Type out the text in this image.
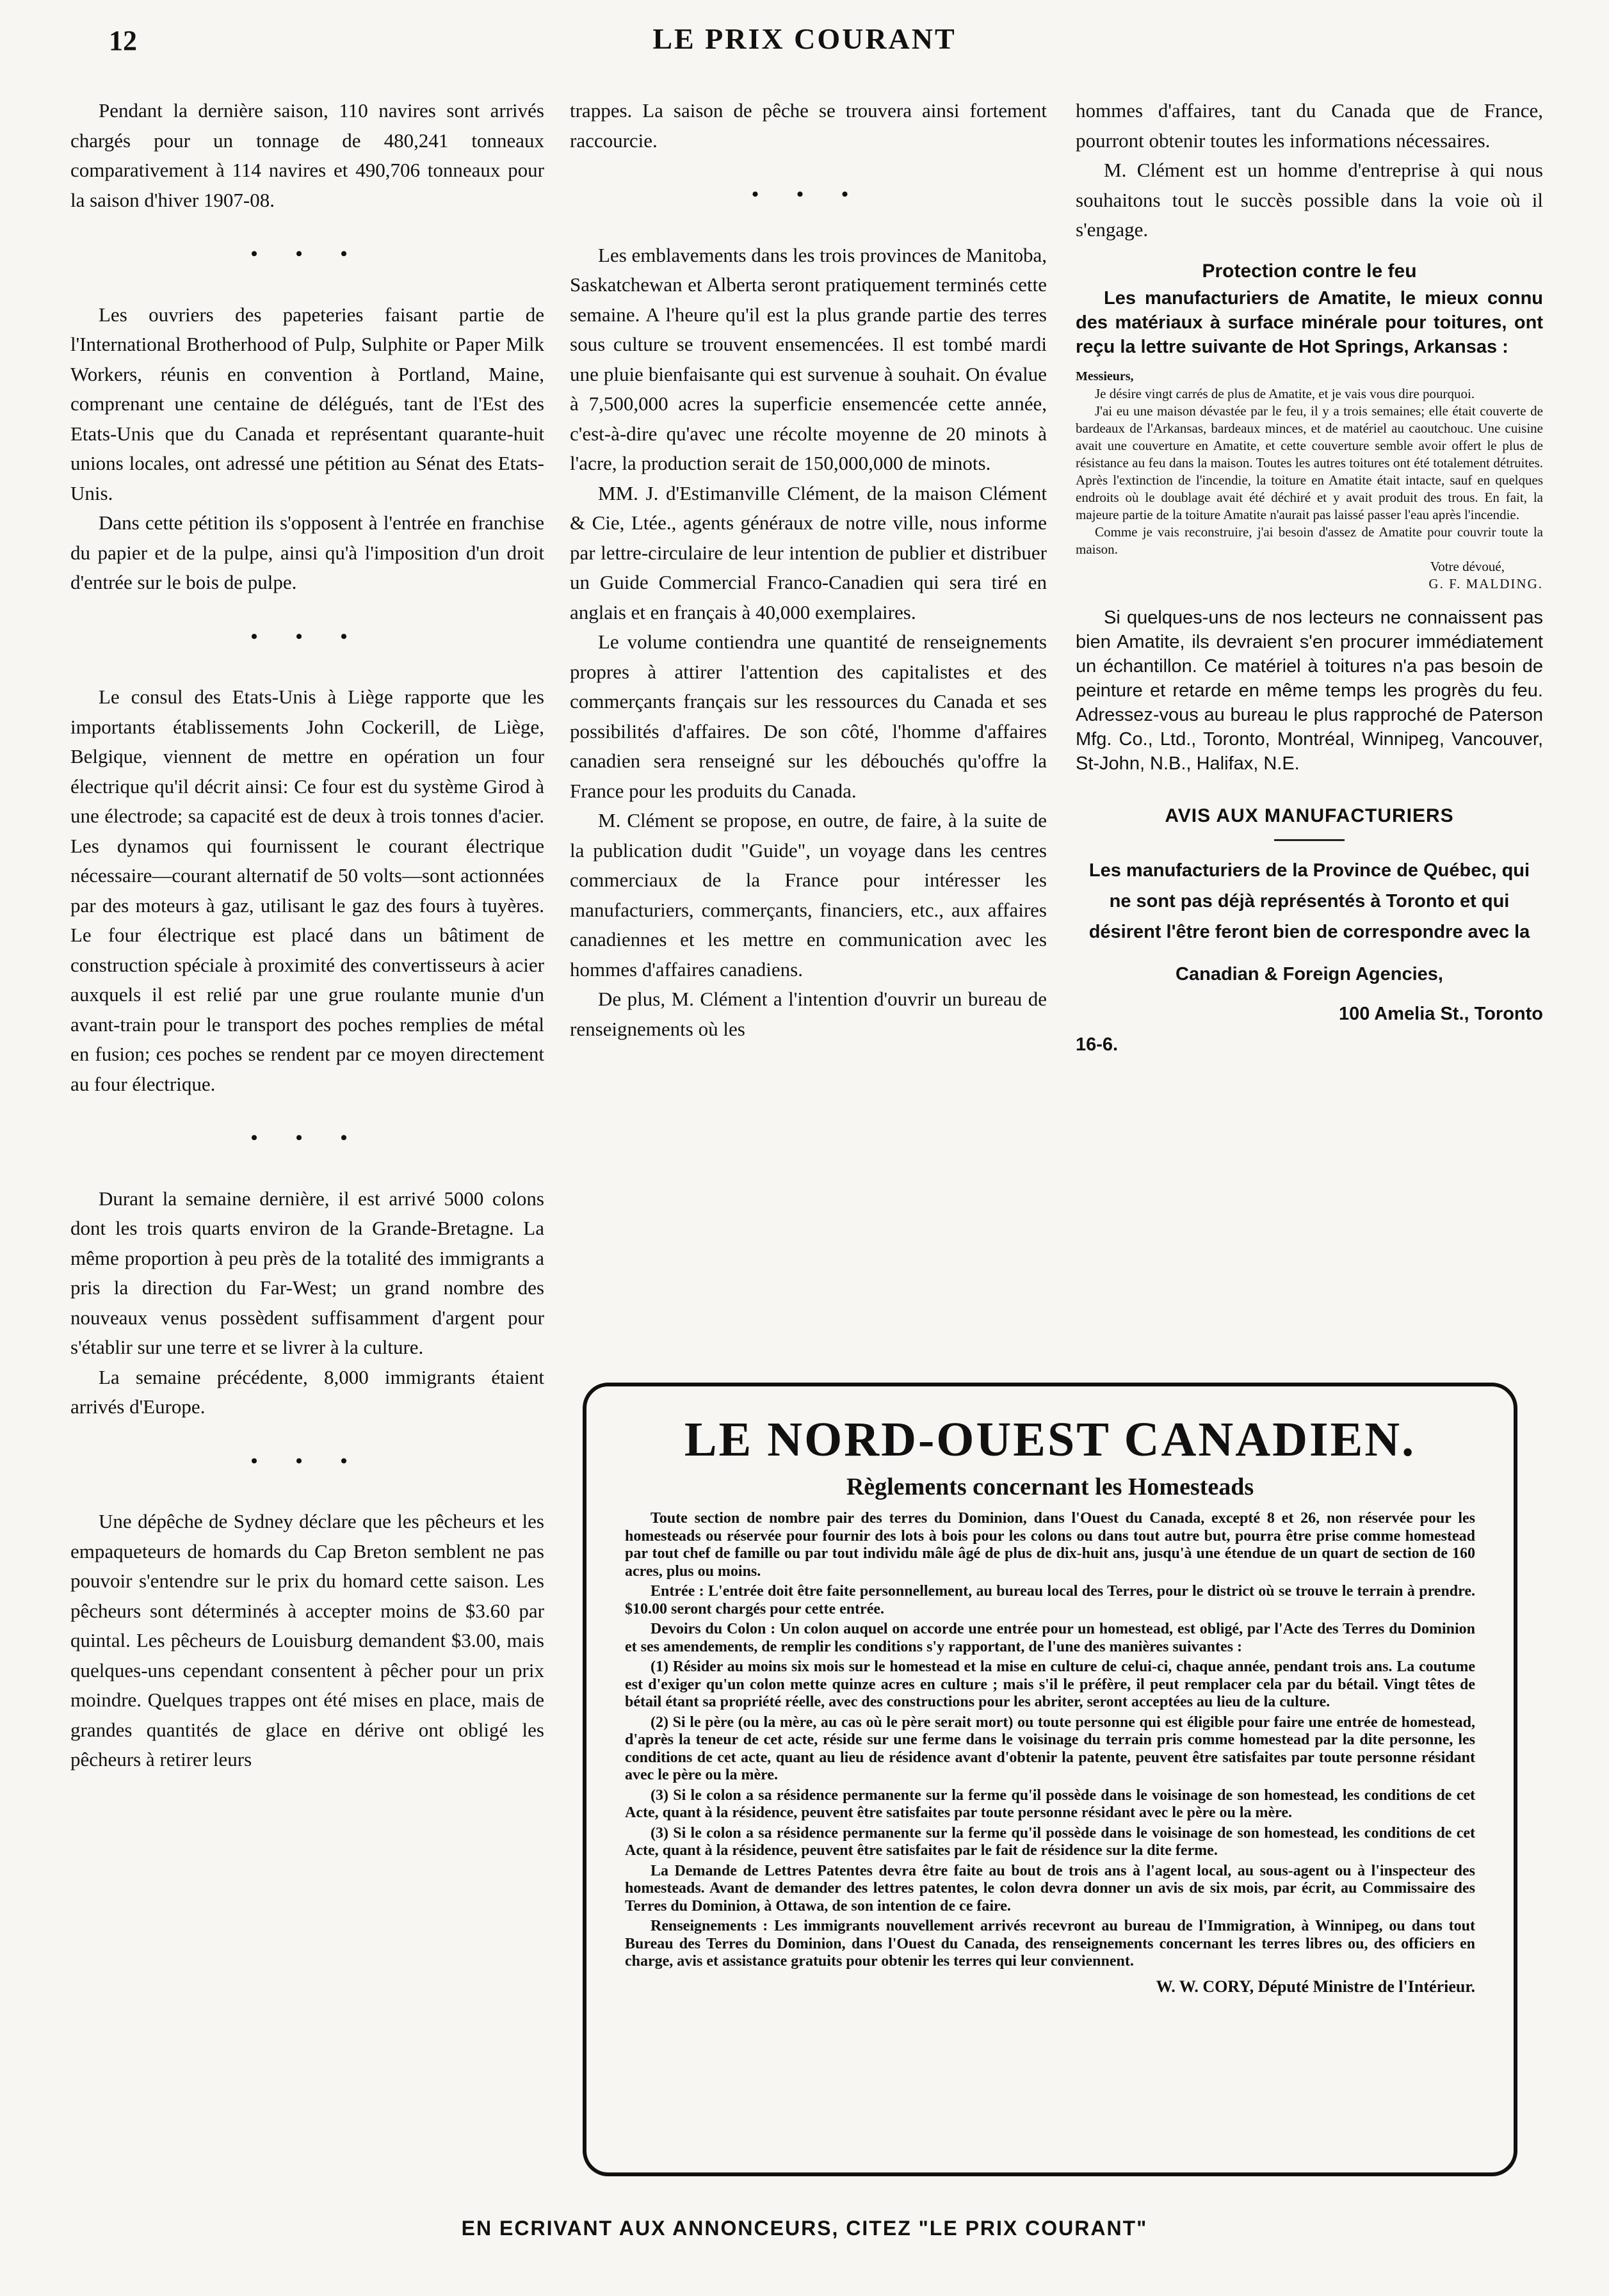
12	LE PRIX COURANT

Pendant la dernière saison, 110 navires sont arrivés chargés pour un tonnage de 480,241 tonneaux comparativement à 114 navires et 490,706 tonneaux pour la saison d'hiver 1907-08.

• • •

Les ouvriers des papeteries faisant partie de l'International Brotherhood of Pulp, Sulphite or Paper Milk Workers, réunis en convention à Portland, Maine, comprenant une centaine de délégués, tant de l'Est des Etats-Unis que du Canada et représentant quarante-huit unions locales, ont adressé une pétition au Sénat des Etats-Unis.

Dans cette pétition ils s'opposent à l'entrée en franchise du papier et de la pulpe, ainsi qu'à l'imposition d'un droit d'entrée sur le bois de pulpe.

• • •

Le consul des Etats-Unis à Liège rapporte que les importants établissements John Cockerill, de Liège, Belgique, viennent de mettre en opération un four électrique qu'il décrit ainsi: Ce four est du système Girod à une électrode; sa capacité est de deux à trois tonnes d'acier. Les dynamos qui fournissent le courant électrique nécessaire—courant alternatif de 50 volts—sont actionnées par des moteurs à gaz, utilisant le gaz des fours à tuyères. Le four électrique est placé dans un bâtiment de construction spéciale à proximité des convertisseurs à acier auxquels il est relié par une grue roulante munie d'un avant-train pour le transport des poches remplies de métal en fusion; ces poches se rendent par ce moyen directement au four électrique.

• • •

Durant la semaine dernière, il est arrivé 5000 colons dont les trois quarts environ de la Grande-Bretagne. La même proportion à peu près de la totalité des immigrants a pris la direction du Far-West; un grand nombre des nouveaux venus possèdent suffisamment d'argent pour s'établir sur une terre et se livrer à la culture.

La semaine précédente, 8,000 immigrants étaient arrivés d'Europe.

• • •

Une dépêche de Sydney déclare que les pêcheurs et les empaqueteurs de homards du Cap Breton semblent ne pas pouvoir s'entendre sur le prix du homard cette saison. Les pêcheurs sont déterminés à accepter moins de $3.60 par quintal. Les pêcheurs de Louisburg demandent $3.00, mais quelques-uns cependant consentent à pêcher pour un prix moindre. Quelques trappes ont été mises en place, mais de grandes quantités de glace en dérive ont obligé les pêcheurs à retirer leurs

trappes. La saison de pêche se trouvera ainsi fortement raccourcie.

• • •

Les emblavements dans les trois provinces de Manitoba, Saskatchewan et Alberta seront pratiquement terminés cette semaine. A l'heure qu'il est la plus grande partie des terres sous culture se trouvent ensemencées. Il est tombé mardi une pluie bienfaisante qui est survenue à souhait. On évalue à 7,500,000 acres la superficie ensemencée cette année, c'est-à-dire qu'avec une récolte moyenne de 20 minots à l'acre, la production serait de 150,000,000 de minots.

MM. J. d'Estimanville Clément, de la maison Clément & Cie, Ltée., agents généraux de notre ville, nous informe par lettre-circulaire de leur intention de publier et distribuer un Guide Commercial Franco-Canadien qui sera tiré en anglais et en français à 40,000 exemplaires.

Le volume contiendra une quantité de renseignements propres à attirer l'attention des capitalistes et des commerçants français sur les ressources du Canada et ses possibilités d'affaires. De son côté, l'homme d'affaires canadien sera renseigné sur les débouchés qu'offre la France pour les produits du Canada.

M. Clément se propose, en outre, de faire, à la suite de la publication dudit "Guide", un voyage dans les centres commerciaux de la France pour intéresser les manufacturiers, commerçants, financiers, etc., aux affaires canadiennes et les mettre en communication avec les hommes d'affaires canadiens.

De plus, M. Clément a l'intention d'ouvrir un bureau de renseignements où les

hommes d'affaires, tant du Canada que de France, pourront obtenir toutes les informations nécessaires.

M. Clément est un homme d'entreprise à qui nous souhaitons tout le succès possible dans la voie où il s'engage.

Protection contre le feu

Les manufacturiers de Amatite, le mieux connu des matériaux à surface minérale pour toitures, ont reçu la lettre suivante de Hot Springs, Arkansas :

Messieurs,

Je désire vingt carrés de plus de Amatite, et je vais vous dire pourquoi.

J'ai eu une maison dévastée par le feu, il y a trois semaines; elle était couverte de bardeaux de l'Arkansas, bardeaux minces, et de matériel au caoutchouc. Une cuisine avait une couverture en Amatite, et cette couverture semble avoir offert le plus de résistance au feu dans la maison. Toutes les autres toitures ont été totalement détruites. Après l'extinction de l'incendie, la toiture en Amatite était intacte, sauf en quelques endroits où le doublage avait été déchiré et y avait produit des trous. En fait, la majeure partie de la toiture Amatite n'aurait pas laissé passer l'eau après l'incendie.

Comme je vais reconstruire, j'ai besoin d'assez de Amatite pour couvrir toute la maison.

Votre dévoué,

G. F. MALDING.

Si quelques-uns de nos lecteurs ne connaissent pas bien Amatite, ils devraient s'en procurer immédiatement un échantillon. Ce matériel à toitures n'a pas besoin de peinture et retarde en même temps les progrès du feu. Adressez-vous au bureau le plus rapproché de Paterson Mfg. Co., Ltd., Toronto, Montréal, Winnipeg, Vancouver, St-John, N.B., Halifax, N.E.

AVIS AUX MANUFACTURIERS

Les manufacturiers de la Province de Québec, qui ne sont pas déjà représentés à Toronto et qui désirent l'être feront bien de correspondre avec la

Canadian & Foreign Agencies,

100 Amelia St., Toronto

16-6.

LE NORD-OUEST CANADIEN.
Règlements concernant les Homesteads

Toute section de nombre pair des terres du Dominion, dans l'Ouest du Canada, excepté 8 et 26, non réservée pour les homesteads ou réservée pour fournir des lots à bois pour les colons ou dans tout autre but, pourra être prise comme homestead par tout chef de famille ou par tout individu mâle âgé de plus de dix-huit ans, jusqu'à une étendue de un quart de section de 160 acres, plus ou moins.

Entrée : L'entrée doit être faite personnellement, au bureau local des Terres, pour le district où se trouve le terrain à prendre. $10.00 seront chargés pour cette entrée.

Devoirs du Colon : Un colon auquel on accorde une entrée pour un homestead, est obligé, par l'Acte des Terres du Dominion et ses amendements, de remplir les conditions s'y rapportant, de l'une des manières suivantes :

(1) Résider au moins six mois sur le homestead et la mise en culture de celui-ci, chaque année, pendant trois ans. La coutume est d'exiger qu'un colon mette quinze acres en culture ; mais s'il le préfère, il peut remplacer cela par du bétail. Vingt têtes de bétail étant sa propriété réelle, avec des constructions pour les abriter, seront acceptées au lieu de la culture.

(2) Si le père (ou la mère, au cas où le père serait mort) ou toute personne qui est éligible pour faire une entrée de homestead, d'après la teneur de cet acte, réside sur une ferme dans le voisinage du terrain pris comme homestead par la dite personne, les conditions de cet acte, quant au lieu de résidence avant d'obtenir la patente, peuvent être satisfaites par toute personne résidant avec le père ou la mère.

(3) Si le colon a sa résidence permanente sur la ferme qu'il possède dans le voisinage de son homestead, les conditions de cet Acte, quant à la résidence, peuvent être satisfaites par toute personne résidant avec le père ou la mère.

(3) Si le colon a sa résidence permanente sur la ferme qu'il possède dans le voisinage de son homestead, les conditions de cet Acte, quant à la résidence, peuvent être satisfaites par le fait de résidence sur la dite ferme.

La Demande de Lettres Patentes devra être faite au bout de trois ans à l'agent local, au sous-agent ou à l'inspecteur des homesteads. Avant de demander des lettres patentes, le colon devra donner un avis de six mois, par écrit, au Commissaire des Terres du Dominion, à Ottawa, de son intention de ce faire.

Renseignements : Les immigrants nouvellement arrivés recevront au bureau de l'Immigration, à Winnipeg, ou dans tout Bureau des Terres du Dominion, dans l'Ouest du Canada, des renseignements concernant les terres libres ou, des officiers en charge, avis et assistance gratuits pour obtenir les terres qui leur conviennent.

W. W. CORY, Député Ministre de l'Intérieur.
EN ECRIVANT AUX ANNONCEURS, CITEZ "LE PRIX COURANT"
